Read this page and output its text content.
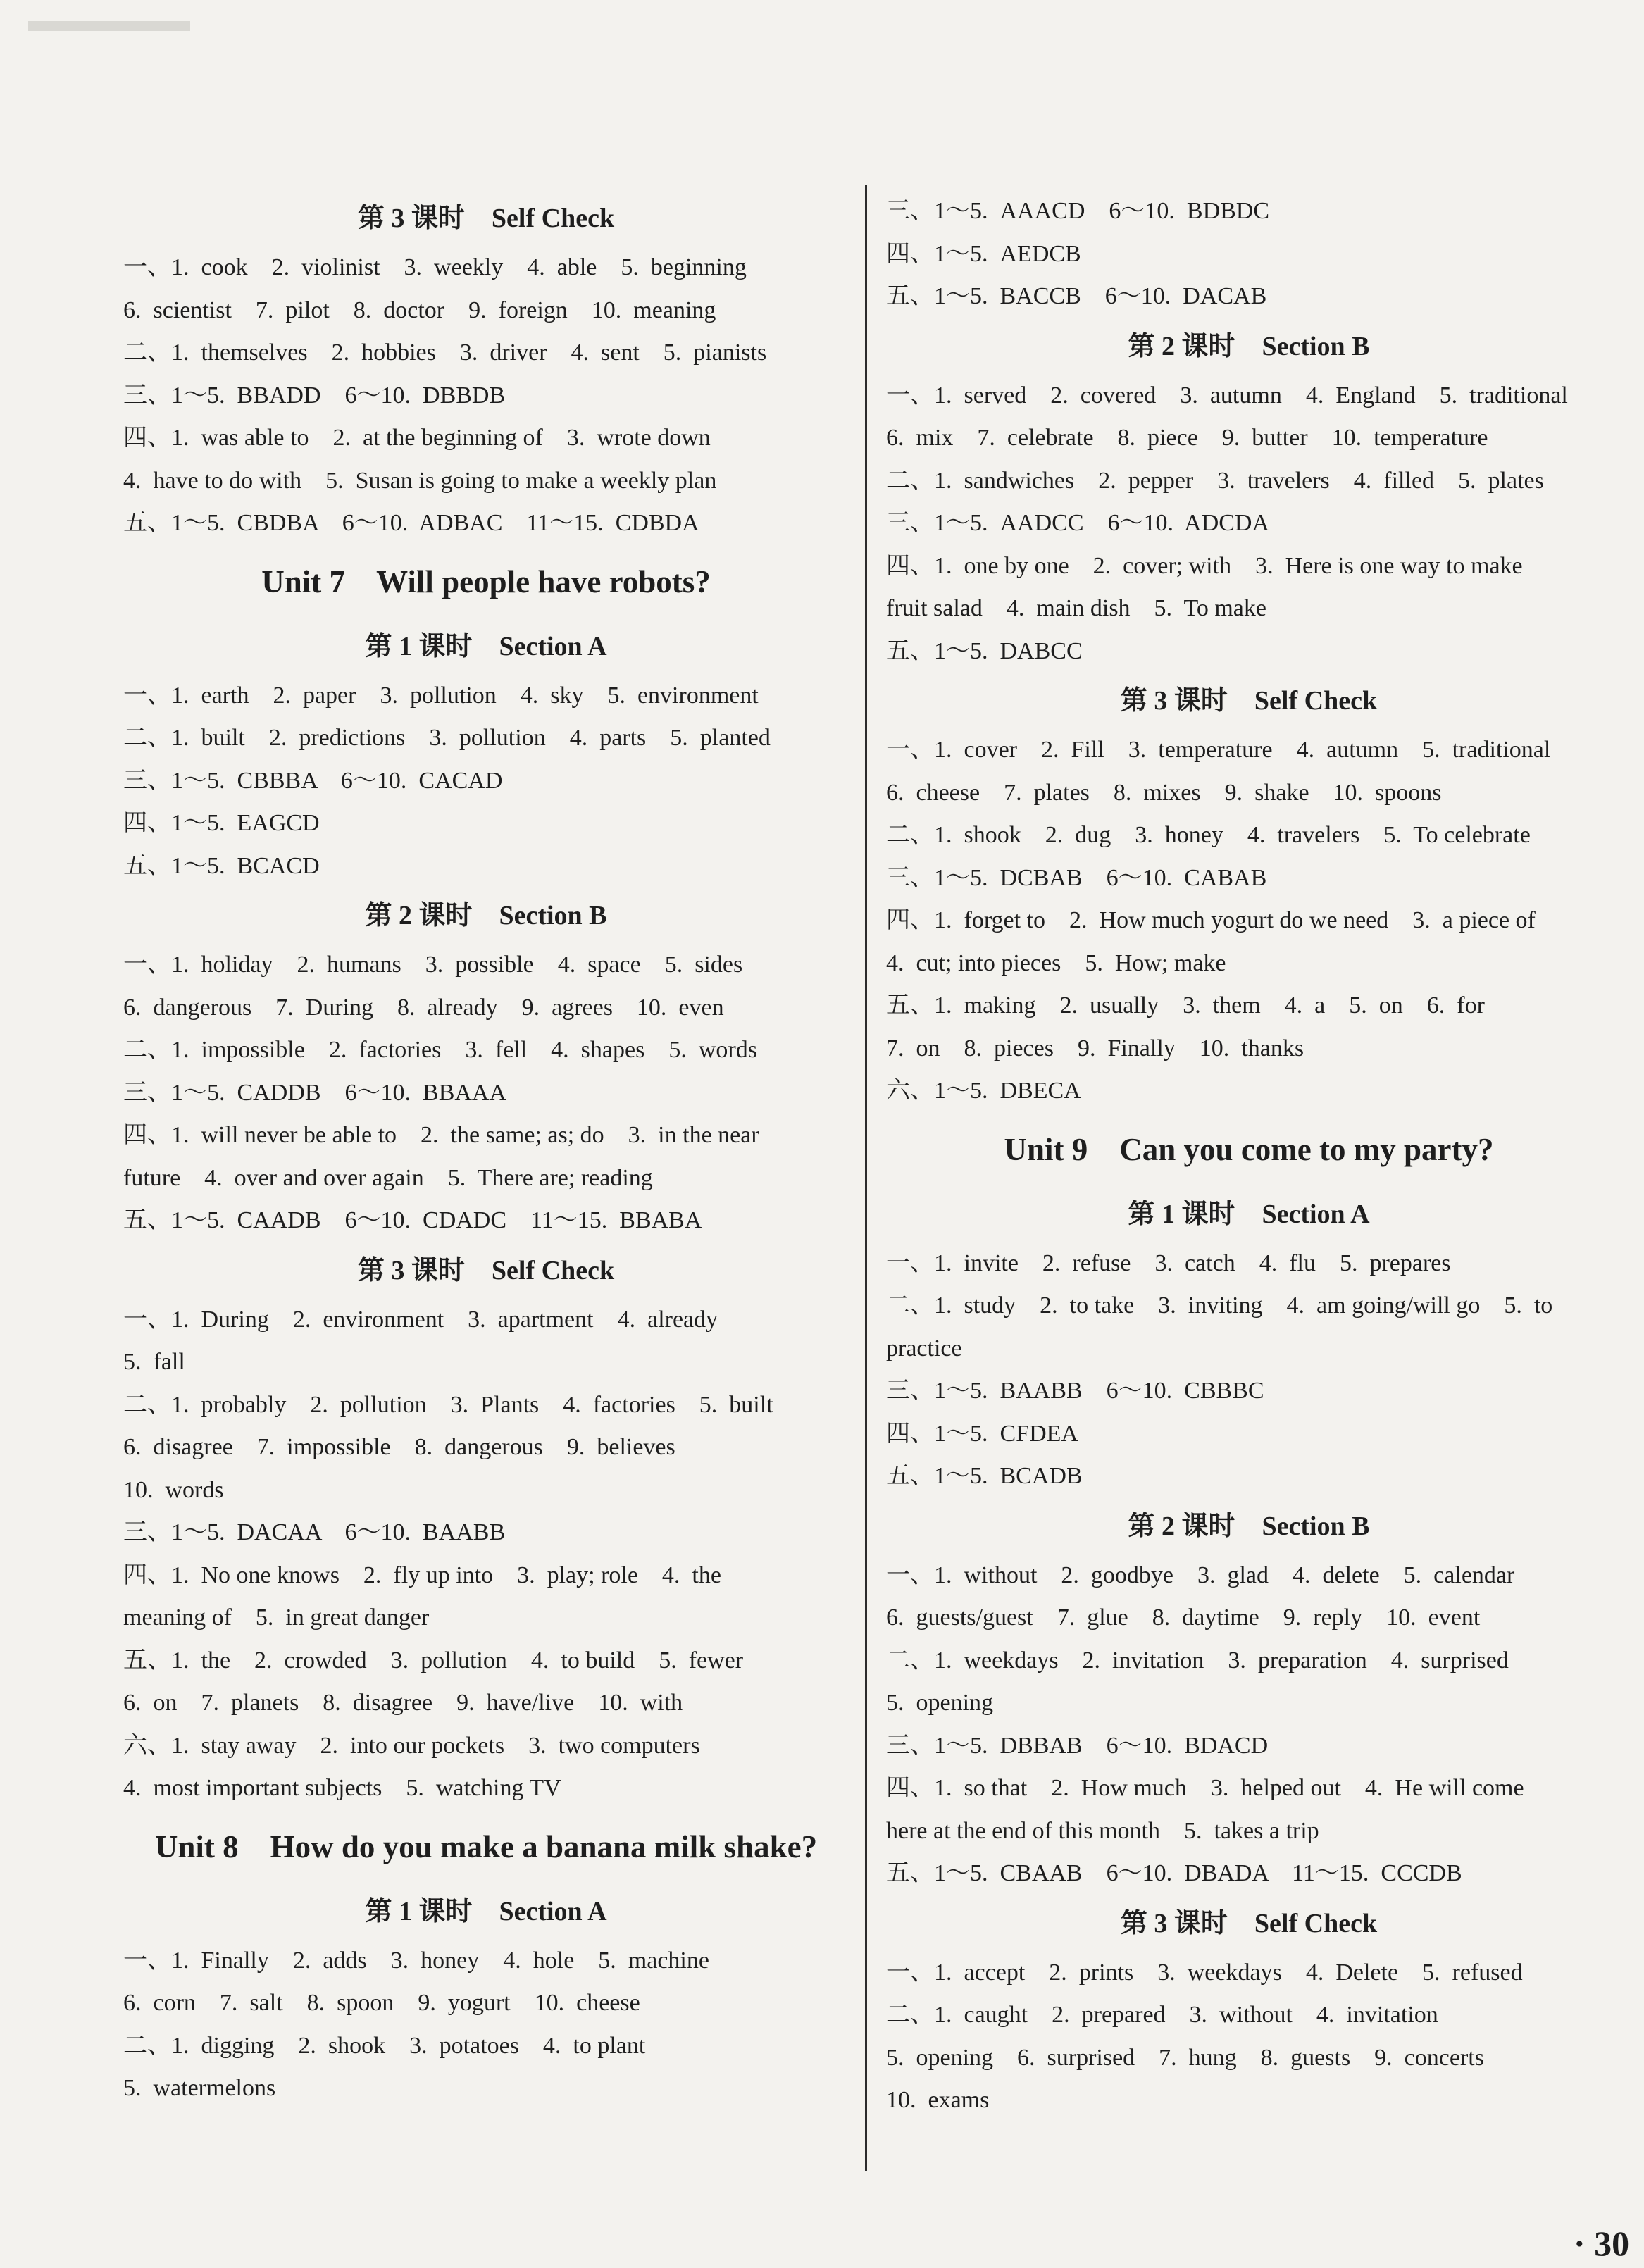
第 3 课时    Self Check
一、1.  cook    2.  violinist    3.  weekly    4.  able    5.  beginning
6.  scientist    7.  pilot    8.  doctor    9.  foreign    10.  meaning
二、1.  themselves    2.  hobbies    3.  driver    4.  sent    5.  pianists
三、1～5.  BBADD    6～10.  DBBDB
四、1.  was able to    2.  at the beginning of    3.  wrote down
4.  have to do with    5.  Susan is going to make a weekly plan
五、1～5.  CBDBA    6～10.  ADBAC    11～15.  CDBDA
Unit 7    Will people have robots?
第 1 课时    Section A
一、1.  earth    2.  paper    3.  pollution    4.  sky    5.  environment
二、1.  built    2.  predictions    3.  pollution    4.  parts    5.  planted
三、1～5.  CBBBA    6～10.  CACAD
四、1～5.  EAGCD
五、1～5.  BCACD
第 2 课时    Section B
一、1.  holiday    2.  humans    3.  possible    4.  space    5.  sides
6.  dangerous    7.  During    8.  already    9.  agrees    10.  even
二、1.  impossible    2.  factories    3.  fell    4.  shapes    5.  words
三、1～5.  CADDB    6～10.  BBAAA
四、1.  will never be able to    2.  the same; as; do    3.  in the near
future    4.  over and over again    5.  There are; reading
五、1～5.  CAADB    6～10.  CDADC    11～15.  BBABA
第 3 课时    Self Check
一、1.  During    2.  environment    3.  apartment    4.  already
5.  fall
二、1.  probably    2.  pollution    3.  Plants    4.  factories    5.  built
6.  disagree    7.  impossible    8.  dangerous    9.  believes
10.  words
三、1～5.  DACAA    6～10.  BAABB
四、1.  No one knows    2.  fly up into    3.  play; role    4.  the
meaning of    5.  in great danger
五、1.  the    2.  crowded    3.  pollution    4.  to build    5.  fewer
6.  on    7.  planets    8.  disagree    9.  have/live    10.  with
六、1.  stay away    2.  into our pockets    3.  two computers
4.  most important subjects    5.  watching TV
Unit 8    How do you make a banana milk shake?
第 1 课时    Section A
一、1.  Finally    2.  adds    3.  honey    4.  hole    5.  machine
6.  corn    7.  salt    8.  spoon    9.  yogurt    10.  cheese
二、1.  digging    2.  shook    3.  potatoes    4.  to plant
5.  watermelons
三、1～5.  AAACD    6～10.  BDBDC
四、1～5.  AEDCB
五、1～5.  BACCB    6～10.  DACAB
第 2 课时    Section B
一、1.  served    2.  covered    3.  autumn    4.  England    5.  traditional
6.  mix    7.  celebrate    8.  piece    9.  butter    10.  temperature
二、1.  sandwiches    2.  pepper    3.  travelers    4.  filled    5.  plates
三、1～5.  AADCC    6～10.  ADCDA
四、1.  one by one    2.  cover; with    3.  Here is one way to make
fruit salad    4.  main dish    5.  To make
五、1～5.  DABCC
第 3 课时    Self Check
一、1.  cover    2.  Fill    3.  temperature    4.  autumn    5.  traditional
6.  cheese    7.  plates    8.  mixes    9.  shake    10.  spoons
二、1.  shook    2.  dug    3.  honey    4.  travelers    5.  To celebrate
三、1～5.  DCBAB    6～10.  CABAB
四、1.  forget to    2.  How much yogurt do we need    3.  a piece of
4.  cut; into pieces    5.  How; make
五、1.  making    2.  usually    3.  them    4.  a    5.  on    6.  for
7.  on    8.  pieces    9.  Finally    10.  thanks
六、1～5.  DBECA
Unit 9    Can you come to my party?
第 1 课时    Section A
一、1.  invite    2.  refuse    3.  catch    4.  flu    5.  prepares
二、1.  study    2.  to take    3.  inviting    4.  am going/will go    5.  to
practice
三、1～5.  BAABB    6～10.  CBBBC
四、1～5.  CFDEA
五、1～5.  BCADB
第 2 课时    Section B
一、1.  without    2.  goodbye    3.  glad    4.  delete    5.  calendar
6.  guests/guest    7.  glue    8.  daytime    9.  reply    10.  event
二、1.  weekdays    2.  invitation    3.  preparation    4.  surprised
5.  opening
三、1～5.  DBBAB    6～10.  BDACD
四、1.  so that    2.  How much    3.  helped out    4.  He will come
here at the end of this month    5.  takes a trip
五、1～5.  CBAAB    6～10.  DBADA    11～15.  CCCDB
第 3 课时    Self Check
一、1.  accept    2.  prints    3.  weekdays    4.  Delete    5.  refused
二、1.  caught    2.  prepared    3.  without    4.  invitation
5.  opening    6.  surprised    7.  hung    8.  guests    9.  concerts
10.  exams
· 30
